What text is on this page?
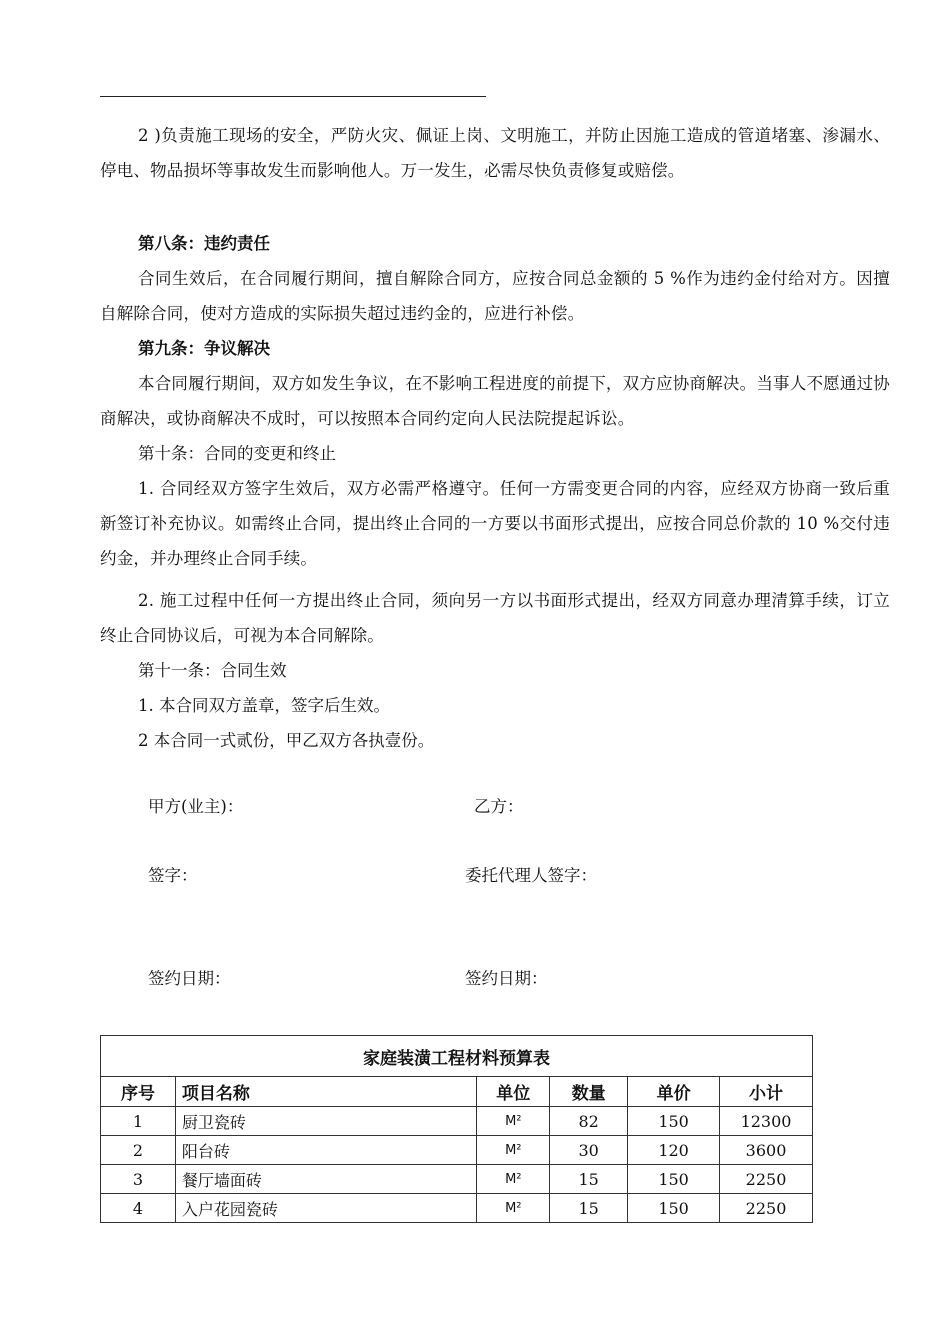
2 )负责施工现场的安全，严防火灾、佩证上岗、文明施工，并防止因施工造成的管道堵塞、渗漏水、停电、物品损坏等事故发生而影响他人。万一发生，必需尽快负责修复或赔偿。
第八条：违约责任
合同生效后，在合同履行期间，擅自解除合同方，应按合同总金额的 5 %作为违约金付给对方。因擅自解除合同，使对方造成的实际损失超过违约金的，应进行补偿。
第九条：争议解决
本合同履行期间，双方如发生争议，在不影响工程进度的前提下，双方应协商解决。当事人不愿通过协商解决，或协商解决不成时，可以按照本合同约定向人民法院提起诉讼。
第十条：合同的变更和终止
1. 合同经双方签字生效后，双方必需严格遵守。任何一方需变更合同的内容，应经双方协商一致后重新签订补充协议。如需终止合同，提出终止合同的一方要以书面形式提出，应按合同总价款的 10 %交付违约金，并办理终止合同手续。
2. 施工过程中任何一方提出终止合同，须向另一方以书面形式提出，经双方同意办理清算手续，订立终止合同协议后，可视为本合同解除。
第十一条：合同生效
1. 本合同双方盖章，签字后生效。
2 本合同一式贰份，甲乙双方各执壹份。
甲方(业主)：	乙方：
签字：	委托代理人签字：
签约日期：	签约日期：
家庭装潢工程材料预算表					
序号	项目名称	单位	数量	单价	小计
1	厨卫瓷砖	M²	82	150	12300
2	阳台砖	M²	30	120	3600
3	餐厅墙面砖	M²	15	150	2250
4	入户花园瓷砖	M²	15	150	2250
